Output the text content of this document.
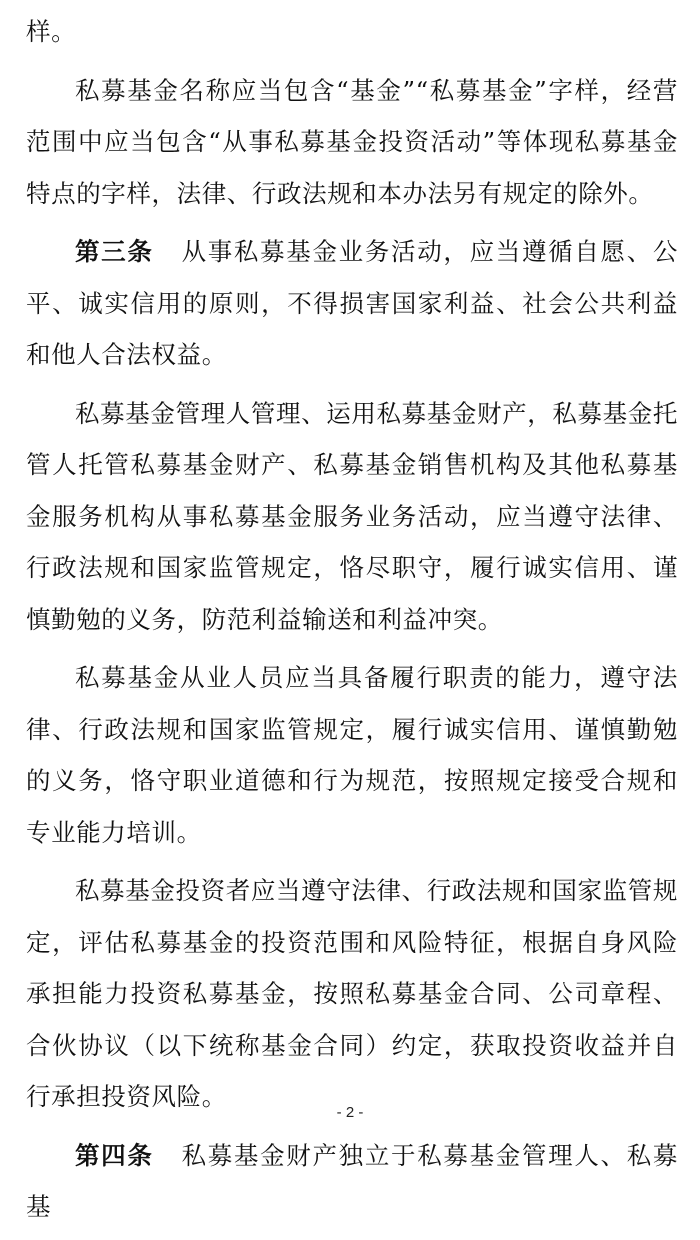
样。

私募基金名称应当包含“基金”“私募基金”字样，经营范围中应当包含“从事私募基金投资活动”等体现私募基金特点的字样，法律、行政法规和本办法另有规定的除外。

第三条 从事私募基金业务活动，应当遵循自愿、公平、诚实信用的原则，不得损害国家利益、社会公共利益和他人合法权益。

私募基金管理人管理、运用私募基金财产，私募基金托管人托管私募基金财产、私募基金销售机构及其他私募基金服务机构从事私募基金服务业务活动，应当遵守法律、行政法规和国家监管规定，恪尽职守，履行诚实信用、谨慎勤勉的义务，防范利益输送和利益冲突。

私募基金从业人员应当具备履行职责的能力，遵守法律、行政法规和国家监管规定，履行诚实信用、谨慎勤勉的义务，恪守职业道德和行为规范，按照规定接受合规和专业能力培训。

私募基金投资者应当遵守法律、行政法规和国家监管规定，评估私募基金的投资范围和风险特征，根据自身风险承担能力投资私募基金，按照私募基金合同、公司章程、合伙协议（以下统称基金合同）约定，获取投资收益并自行承担投资风险。

第四条 私募基金财产独立于私募基金管理人、私募基

- 2 -
